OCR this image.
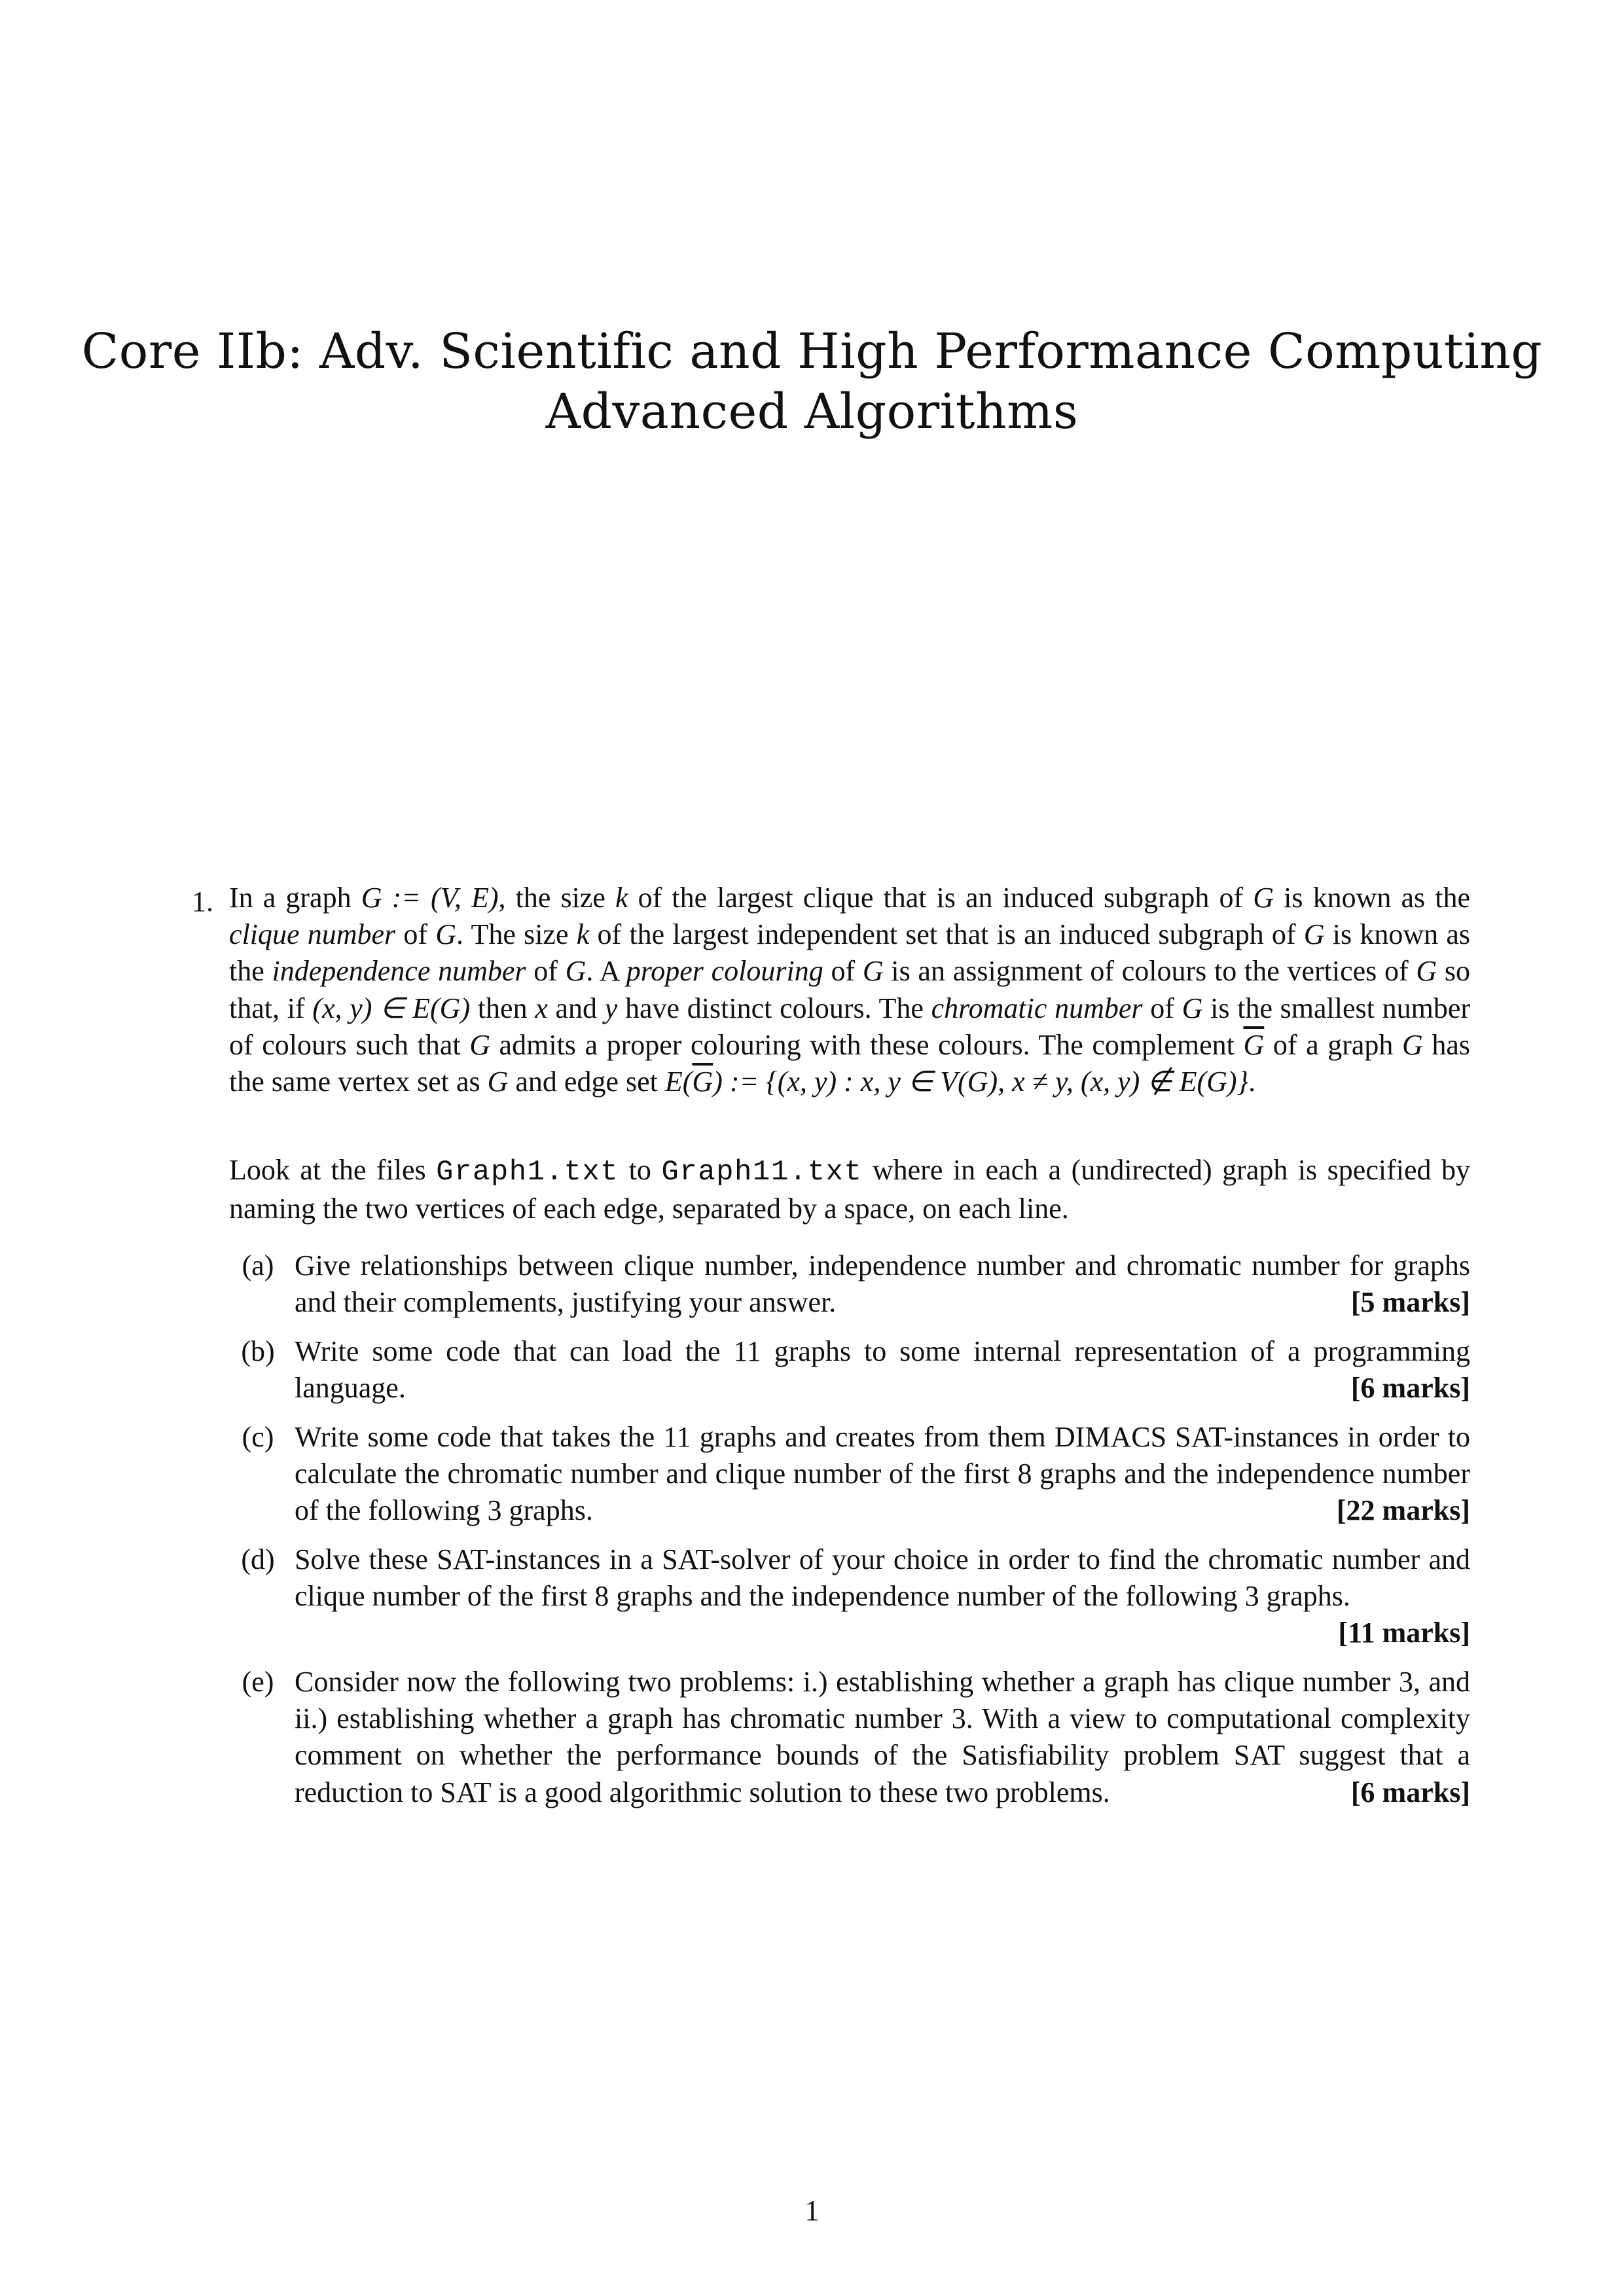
Core IIb: Adv. Scientific and High Performance Computing
Advanced Algorithms
1. In a graph G := (V, E), the size k of the largest clique that is an induced subgraph of G is known as the clique number of G. The size k of the largest independent set that is an induced subgraph of G is known as the independence number of G. A proper colouring of G is an assignment of colours to the vertices of G so that, if (x, y) ∈ E(G) then x and y have distinct colours. The chromatic number of G is the smallest number of colours such that G admits a proper colouring with these colours. The complement $\overline{G}$ of a graph G has the same vertex set as G and edge set $E(\overline{G})$ := {(x, y) : x, y ∈ V(G), x ≠ y, (x, y) ∉ E(G)}.
Look at the files Graph1.txt to Graph11.txt where in each a (undirected) graph is specified by naming the two vertices of each edge, separated by a space, on each line.
(a) Give relationships between clique number, independence number and chromatic number for graphs and their complements, justifying your answer.	[5 marks]
(b) Write some code that can load the 11 graphs to some internal representation of a programming language.	[6 marks]
(c) Write some code that takes the 11 graphs and creates from them DIMACS SAT-instances in order to calculate the chromatic number and clique number of the first 8 graphs and the independence number of the following 3 graphs.	[22 marks]
(d) Solve these SAT-instances in a SAT-solver of your choice in order to find the chromatic number and clique number of the first 8 graphs and the independence number of the following 3 graphs.
[11 marks]
(e) Consider now the following two problems: i.) establishing whether a graph has clique number 3, and ii.) establishing whether a graph has chromatic number 3. With a view to computational complexity comment on whether the performance bounds of the Satisfiability problem SAT suggest that a reduction to SAT is a good algorithmic solution to these two problems.	[6 marks]
1
